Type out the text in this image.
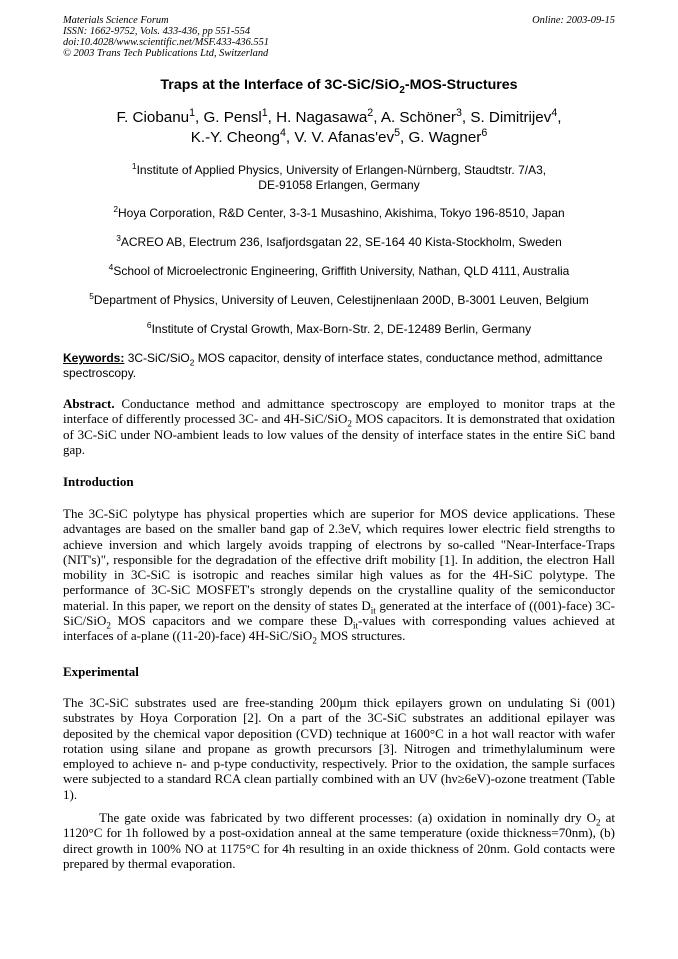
Materials Science Forum
ISSN: 1662-9752, Vols. 433-436, pp 551-554
doi:10.4028/www.scientific.net/MSF.433-436.551
© 2003 Trans Tech Publications Ltd, Switzerland
Online: 2003-09-15
Traps at the Interface of 3C-SiC/SiO$_2$-MOS-Structures
F. Ciobanu$^1$, G. Pensl$^1$, H. Nagasawa$^2$, A. Schöner$^3$, S. Dimitrijev$^4$,
K.-Y. Cheong$^4$, V. V. $Afanas'ev^5$, G. Wagner$^6$
$^1$Institute of Applied Physics, University of Erlangen-Nürnberg, Staudtstr. 7/A3,
DE-91058 Erlangen, Germany
$^2$Hoya Corporation, R&D Center, 3-3-1 Musashino, Akishima, Tokyo 196-8510, Japan
$^3$ACREO AB, Electrum 236, Isafjordsgatan 22, SE-164 40 Kista-Stockholm, Sweden
$^4$School of Microelectronic Engineering, Griffith University, Nathan, QLD 4111, Australia
$^5$Department of Physics, University of Leuven, Celestijnenlaan 200D, B-3001 Leuven, Belgium
$^6$Institute of Crystal Growth, Max-Born-Str. 2, DE-12489 Berlin, Germany
Keywords: 3C-SiC/SiO$_2$ MOS capacitor, density of interface states, conductance method, admittance spectroscopy.
Abstract. Conductance method and admittance spectroscopy are employed to monitor traps at the interface of differently processed 3C- and 4H-SiC/SiO$_2$ MOS capacitors. It is demonstrated that oxidation of 3C-SiC under NO-ambient leads to low values of the density of interface states in the entire SiC band gap.
Introduction
The 3C-SiC polytype has physical properties which are superior for MOS device applications. These advantages are based on the smaller band gap of 2.3eV, which requires lower electric field strengths to achieve inversion and which largely avoids trapping of electrons by so-called "Near-Interface-Traps (NIT's)", responsible for the degradation of the effective drift mobility [1]. In addition, the electron Hall mobility in 3C-SiC is isotropic and reaches similar high values as for the 4H-SiC polytype. The performance of 3C-SiC MOSFET's strongly depends on the crystalline quality of the semiconductor material. In this paper, we report on the density of states $D_{it}$ generated at the interface of ((001)-face) 3C-SiC/SiO$_2$ MOS capacitors and we compare these $D_{it}$-values with corresponding values achieved at interfaces of a-plane ((11-20)-face) 4H-SiC/SiO$_2$ MOS structures.
Experimental
The 3C-SiC substrates used are free-standing 200µm thick epilayers grown on undulating Si (001) substrates by Hoya Corporation [2]. On a part of the 3C-SiC substrates an additional epilayer was deposited by the chemical vapor deposition (CVD) technique at 1600°C in a hot wall reactor with wafer rotation using silane and propane as growth precursors [3]. Nitrogen and trimethylaluminum were employed to achieve n- and p-type conductivity, respectively. Prior to the oxidation, the sample surfaces were subjected to a standard RCA clean partially combined with an UV (hν≥6eV)-ozone treatment (Table 1).
The gate oxide was fabricated by two different processes: (a) oxidation in nominally dry $O_2$ at 1120°C for 1h followed by a post-oxidation anneal at the same temperature (oxide thickness=70nm), (b) direct growth in 100% NO at 1175°C for 4h resulting in an oxide thickness of 20nm. Gold contacts were prepared by thermal evaporation.
